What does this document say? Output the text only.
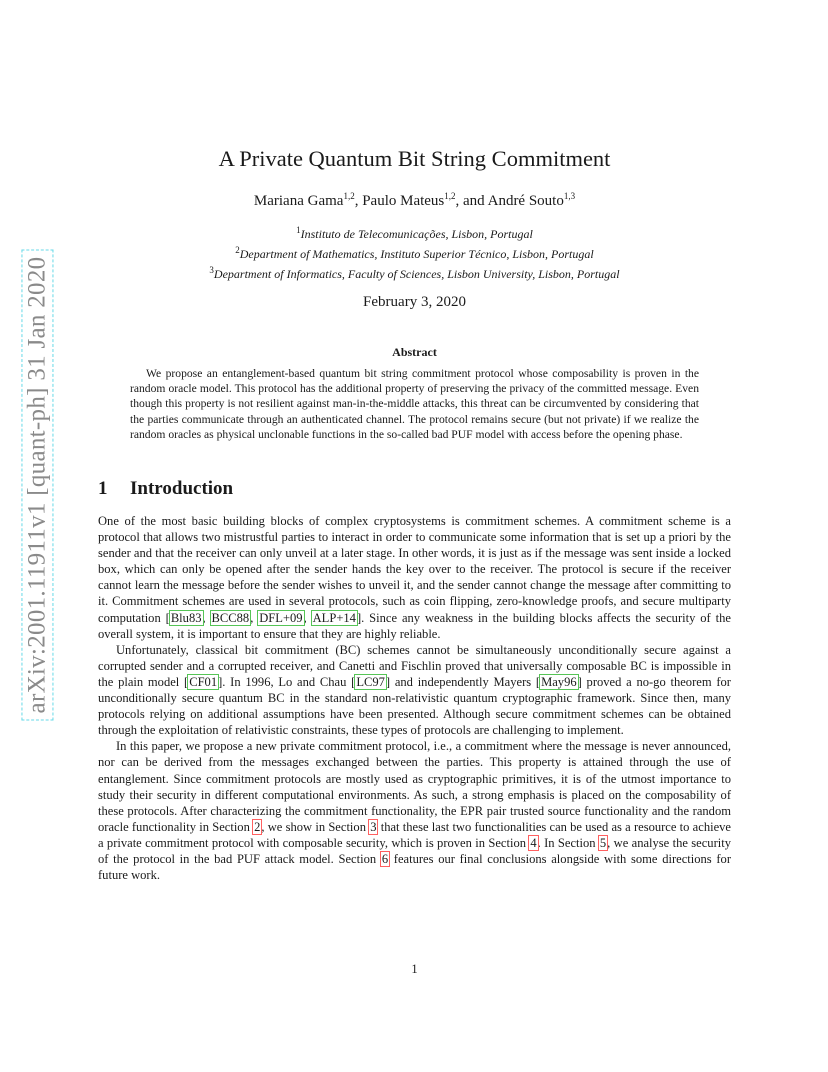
arXiv:2001.11911v1 [quant-ph] 31 Jan 2020
A Private Quantum Bit String Commitment
Mariana Gama$^{1,2}$, Paulo Mateus$^{1,2}$, and André Souto$^{1,3}$
$^1$Instituto de Telecomunicações, Lisbon, Portugal
$^2$Department of Mathematics, Instituto Superior Técnico, Lisbon, Portugal
$^3$Department of Informatics, Faculty of Sciences, Lisbon University, Lisbon, Portugal
February 3, 2020
Abstract

We propose an entanglement-based quantum bit string commitment protocol whose composability is proven in the random oracle model. This protocol has the additional property of preserving the privacy of the committed message. Even though this property is not resilient against man-in-the-middle attacks, this threat can be circumvented by considering that the parties communicate through an authenticated channel. The protocol remains secure (but not private) if we realize the random oracles as physical unclonable functions in the so-called bad PUF model with access before the opening phase.

1 Introduction

One of the most basic building blocks of complex cryptosystems is commitment schemes. A commitment scheme is a protocol that allows two mistrustful parties to interact in order to communicate some information that is set up a priori by the sender and that the receiver can only unveil at a later stage. In other words, it is just as if the message was sent inside a locked box, which can only be opened after the sender hands the key over to the receiver. The protocol is secure if the receiver cannot learn the message before the sender wishes to unveil it, and the sender cannot change the message after committing to it. Commitment schemes are used in several protocols, such as coin flipping, zero-knowledge proofs, and secure multiparty computation [Blu83, BCC88, DFL+09, ALP+14]. Since any weakness in the building blocks affects the security of the overall system, it is important to ensure that they are highly reliable.

Unfortunately, classical bit commitment (BC) schemes cannot be simultaneously unconditionally secure against a corrupted sender and a corrupted receiver, and Canetti and Fischlin proved that universally composable BC is impossible in the plain model [CF01]. In 1996, Lo and Chau [LC97] and independently Mayers [May96] proved a no-go theorem for unconditionally secure quantum BC in the standard non-relativistic quantum cryptographic framework. Since then, many protocols relying on additional assumptions have been presented. Although secure commitment schemes can be obtained through the exploitation of relativistic constraints, these types of protocols are challenging to implement.

In this paper, we propose a new private commitment protocol, i.e., a commitment where the message is never announced, nor can be derived from the messages exchanged between the parties. This property is attained through the use of entanglement. Since commitment protocols are mostly used as cryptographic primitives, it is of the utmost importance to study their security in different computational environments. As such, a strong emphasis is placed on the composability of these protocols. After characterizing the commitment functionality, the EPR pair trusted source functionality and the random oracle functionality in Section 2, we show in Section 3 that these last two functionalities can be used as a resource to achieve a private commitment protocol with composable security, which is proven in Section 4. In Section 5, we analyse the security of the protocol in the bad PUF attack model. Section 6 features our final conclusions alongside with some directions for future work.

1
